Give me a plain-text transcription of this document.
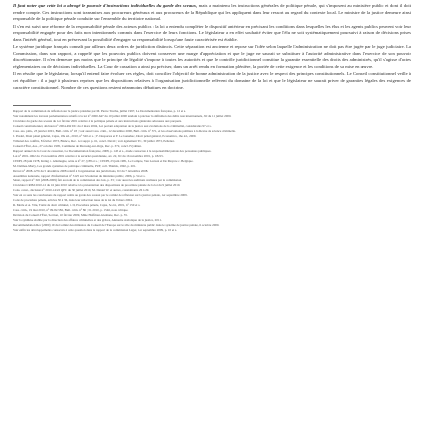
Il faut noter que cette loi a abrogé le pouvoir d'instructions individuelles du garde des sceaux, mais a maintenu les instructions générales de politique pénale, qui s'imposent au ministère public et dont il doit rendre compte. Ces instructions sont transmises aux procureurs généraux et aux procureurs de la République qui les appliquent dans leur ressort au regard du contexte local. Le ministre de la justice demeure ainsi responsable de la politique pénale conduite sur l'ensemble du territoire national.

Il s'en est suivi une réforme de la responsabilité pénale des acteurs publics : la loi a entendu compléter le dispositif antérieur en précisant les conditions dans lesquelles les élus et les agents publics peuvent voir leur responsabilité engagée pour des faits non intentionnels commis dans l'exercice de leurs fonctions. Le législateur a en effet souhaité éviter que l'élu ne soit systématiquement poursuivi à raison de décisions prises dans l'intérêt général, tout en préservant la possibilité d'engager sa responsabilité lorsqu'une faute caractérisée est établie.

Le système juridique français connaît par ailleurs deux ordres de juridiction distincts. Cette séparation est ancienne et repose sur l'idée selon laquelle l'administration ne doit pas être jugée par le juge judiciaire. La Commission, dans son rapport, a rappelé que les pouvoirs publics doivent conserver une marge d'appréciation et que le juge ne saurait se substituer à l'autorité administrative dans l'exercice de son pouvoir discrétionnaire. Il n'en demeure pas moins que le principe de légalité s'impose à toutes les autorités et que le contrôle juridictionnel constitue la garantie essentielle des droits des administrés, qu'il s'agisse d'actes réglementaires ou de décisions individuelles. La Cour de cassation a ainsi pu préciser, dans un arrêt rendu en formation plénière, la portée de cette exigence et les conditions de sa mise en œuvre.

Il en résulte que le législateur, lorsqu'il entend faire évoluer ces règles, doit concilier l'objectif de bonne administration de la justice avec le respect des principes constitutionnels. Le Conseil constitutionnel veille à cet équilibre : il a jugé à plusieurs reprises que les dispositions relatives à l'organisation juridictionnelle relèvent du domaine de la loi et que le législateur ne saurait priver de garanties légales des exigences de caractère constitutionnel. Nombre de ces questions restent néanmoins débattues en doctrine.

Rapport de la commission de réflexion sur la justice présidée par M. Pierre Truche, juillet 1997, La Documentation française, p. 12 et s.

Voir notamment les travaux parlementaires relatifs à la loi n° 2000-647 du 10 juillet 2000 tendant à préciser la définition des délits non intentionnels, JO du 11 juillet 2000.

Circulaire du garde des sceaux du 1er février 2001 relative à la politique pénale et aux instructions générales adressées aux parquets.

Conseil constitutionnel, décision n° 2004-492 DC du 2 mars 2004, Loi portant adaptation de la justice aux évolutions de la criminalité, considérants 97 et s.

Cass. ass. plén., 23 janvier 2001, Bull. crim. n° 18 ; voir aussi Cass. crim., 12 décembre 2000, Bull. crim. n° 371, et les observations publiées à la Revue de science criminelle.

J. Pradel, Droit pénal général, Cujas, 18e éd., 2010, n° 520 et s. ; F. Desportes et F. Le Gunehec, Droit pénal général, Economica, 16e éd., 2009.

Tribunal des conflits, 8 février 1873, Blanco, Rec. 1er suppl. p. 61, concl. David ; voir également TC, 30 juillet 1873, Pelletier.

Conseil d'État, Ass., 27 octobre 1995, Commune de Morsang-sur-Orge, Rec. p. 372, concl. Frydman.

Rapport annuel de la Cour de cassation, La Documentation française, 2008, p. 145 et s., étude consacrée à la responsabilité pénale des personnes publiques.

Loi n° 2001-1062 du 15 novembre 2001 relative à la sécurité quotidienne, art. 22, JO du 16 novembre 2001, p. 18215.

CEDH, 28 juin 1978, König c. Allemagne, série A n° 27, § 88 et s. ; CEDH, 23 juin 1981, Le Compte, Van Leuven et De Meyere c. Belgique.

M. Delmas-Marty, Les grands systèmes de politique criminelle, PUF, coll. Thémis, 1992, p. 201.

Décret n° 2008-1276 du 5 décembre 2008 relatif à l'organisation des juridictions, JO du 7 décembre 2008.

Assemblée nationale, rapport d'information n° 3125 sur l'évolution du ministère public, 2006, p. 54 et s.

Sénat, rapport n° 345 (2008-2009) fait au nom de la commission des lois, p. 33 ; voir aussi les auditions réalisées par la commission.

Circulaire CRIM 2010-12 du 16 juin 2010 relative à la présentation des dispositions de procédure pénale de la loi du 9 juillet 2010.

Cons. const., décision n° 2010-14/22 QPC du 30 juillet 2010, M. Daniel W. et autres, considérants 26 à 29.

Voir en ce sens les conclusions du rapport remis au garde des sceaux par le comité de réflexion sur la justice pénale, 1er septembre 2009.

Code de procédure pénale, articles 30 à 36, dans leur rédaction issue de la loi du 9 mars 2004.

R. Merle et A. Vitu, Traité de droit criminel, t. II, Procédure pénale, Cujas, 5e éd., 2001, n° 150 et s.

Cass. crim., 19 mai 2010, n° 09-82.582, Bull. crim. n° 86 ; D. 2010, p. 1546, note critique.

Décision du Conseil d'État, Section, 10 février 2009, Mme Hoffman-Glemane, Rec. p. 35.

Voir la synthèse établie par la direction des affaires criminelles et des grâces, Annuaire statistique de la justice, 2011.

Recommandation Rec (2000) 19 du Comité des ministres du Conseil de l'Europe sur le rôle du ministère public dans le système de justice pénale, 6 octobre 2000.

Voir enfin les développements consacrés à cette question dans le rapport de la commission Léger, 1er septembre 2009, p. 10 et s.
